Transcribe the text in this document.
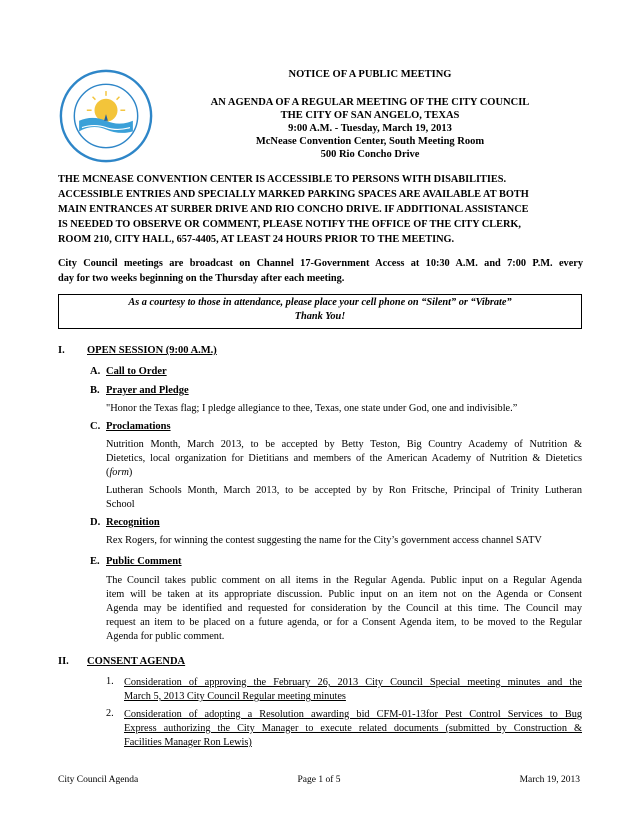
NOTICE OF A PUBLIC MEETING
AN AGENDA OF A REGULAR MEETING OF THE CITY COUNCIL
THE CITY OF SAN ANGELO, TEXAS
9:00 A.M. - Tuesday, March 19, 2013
McNease Convention Center, South Meeting Room
500 Rio Concho Drive
THE MCNEASE CONVENTION CENTER IS ACCESSIBLE TO PERSONS WITH DISABILITIES.
ACCESSIBLE ENTRIES AND SPECIALLY MARKED PARKING SPACES ARE AVAILABLE AT BOTH
MAIN ENTRANCES AT SURBER DRIVE AND RIO CONCHO DRIVE. IF ADDITIONAL ASSISTANCE
IS NEEDED TO OBSERVE OR COMMENT, PLEASE NOTIFY THE OFFICE OF THE CITY CLERK,
ROOM 210, CITY HALL, 657-4405, AT LEAST 24 HOURS PRIOR TO THE MEETING.
City Council meetings are broadcast on Channel 17-Government Access at 10:30 A.M. and 7:00 P.M. every
day for two weeks beginning on the Thursday after each meeting.
As a courtesy to those in attendance, please place your cell phone on “Silent” or “Vibrate”
Thank You!
I. OPEN SESSION (9:00 A.M.)
A. Call to Order
B. Prayer and Pledge
"Honor the Texas flag; I pledge allegiance to thee, Texas, one state under God, one and indivisible.”
C. Proclamations
Nutrition Month, March 2013, to be accepted by Betty Teston, Big Country Academy of Nutrition &
Dietetics, local organization for Dietitians and members of the American Academy of Nutrition & Dietetics
(form)
Lutheran Schools Month, March 2013, to be accepted by by Ron Fritsche, Principal of Trinity Lutheran
School
D. Recognition
Rex Rogers, for winning the contest suggesting the name for the City’s government access channel SATV
E. Public Comment
The Council takes public comment on all items in the Regular Agenda. Public input on a Regular Agenda
item will be taken at its appropriate discussion. Public input on an item not on the Agenda or Consent
Agenda may be identified and requested for consideration by the Council at this time. The Council may
request an item to be placed on a future agenda, or for a Consent Agenda item, to be moved to the Regular
Agenda for public comment.
II. CONSENT AGENDA
1. Consideration of approving the February 26, 2013 City Council Special meeting minutes and the
March 5, 2013 City Council Regular meeting minutes
2. Consideration of adopting a Resolution awarding bid CFM-01-13for Pest Control Services to Bug
Express authorizing the City Manager to execute related documents (submitted by Construction &
Facilities Manager Ron Lewis)
City Council Agenda	Page 1 of 5	March 19, 2013
